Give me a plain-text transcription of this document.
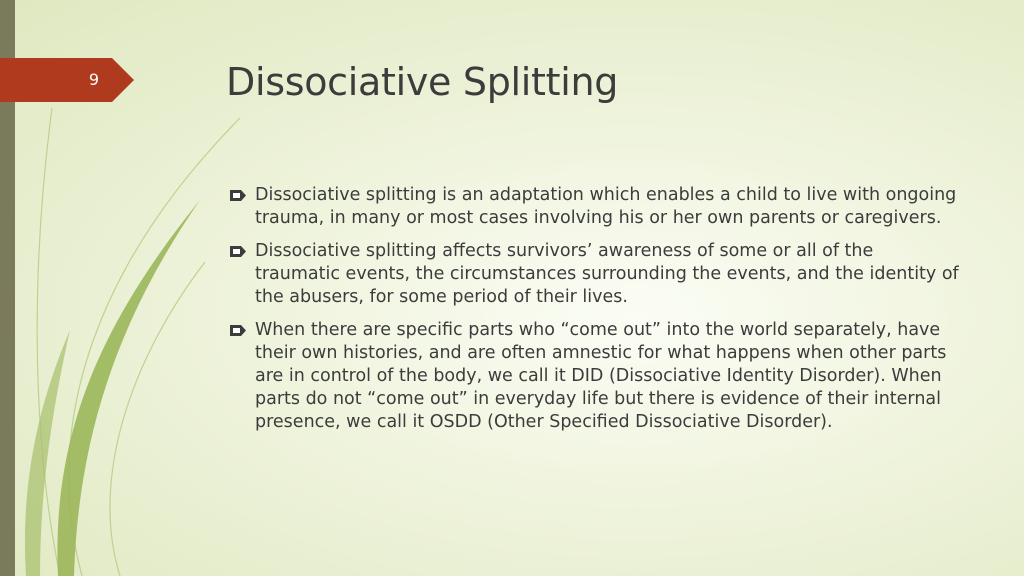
9	Dissociative Splitting
Dissociative splitting is an adaptation which enables a child to live with ongoing trauma, in many or most cases involving his or her own parents or caregivers.
Dissociative splitting affects survivors’ awareness of some or all of the traumatic events, the circumstances surrounding the events, and the identity of the abusers, for some period of their lives.
When there are specific parts who “come out” into the world separately, have their own histories, and are often amnestic for what happens when other parts are in control of the body, we call it DID (Dissociative Identity Disorder). When parts do not “come out” in everyday life but there is evidence of their internal presence, we call it OSDD (Other Specified Dissociative Disorder).
